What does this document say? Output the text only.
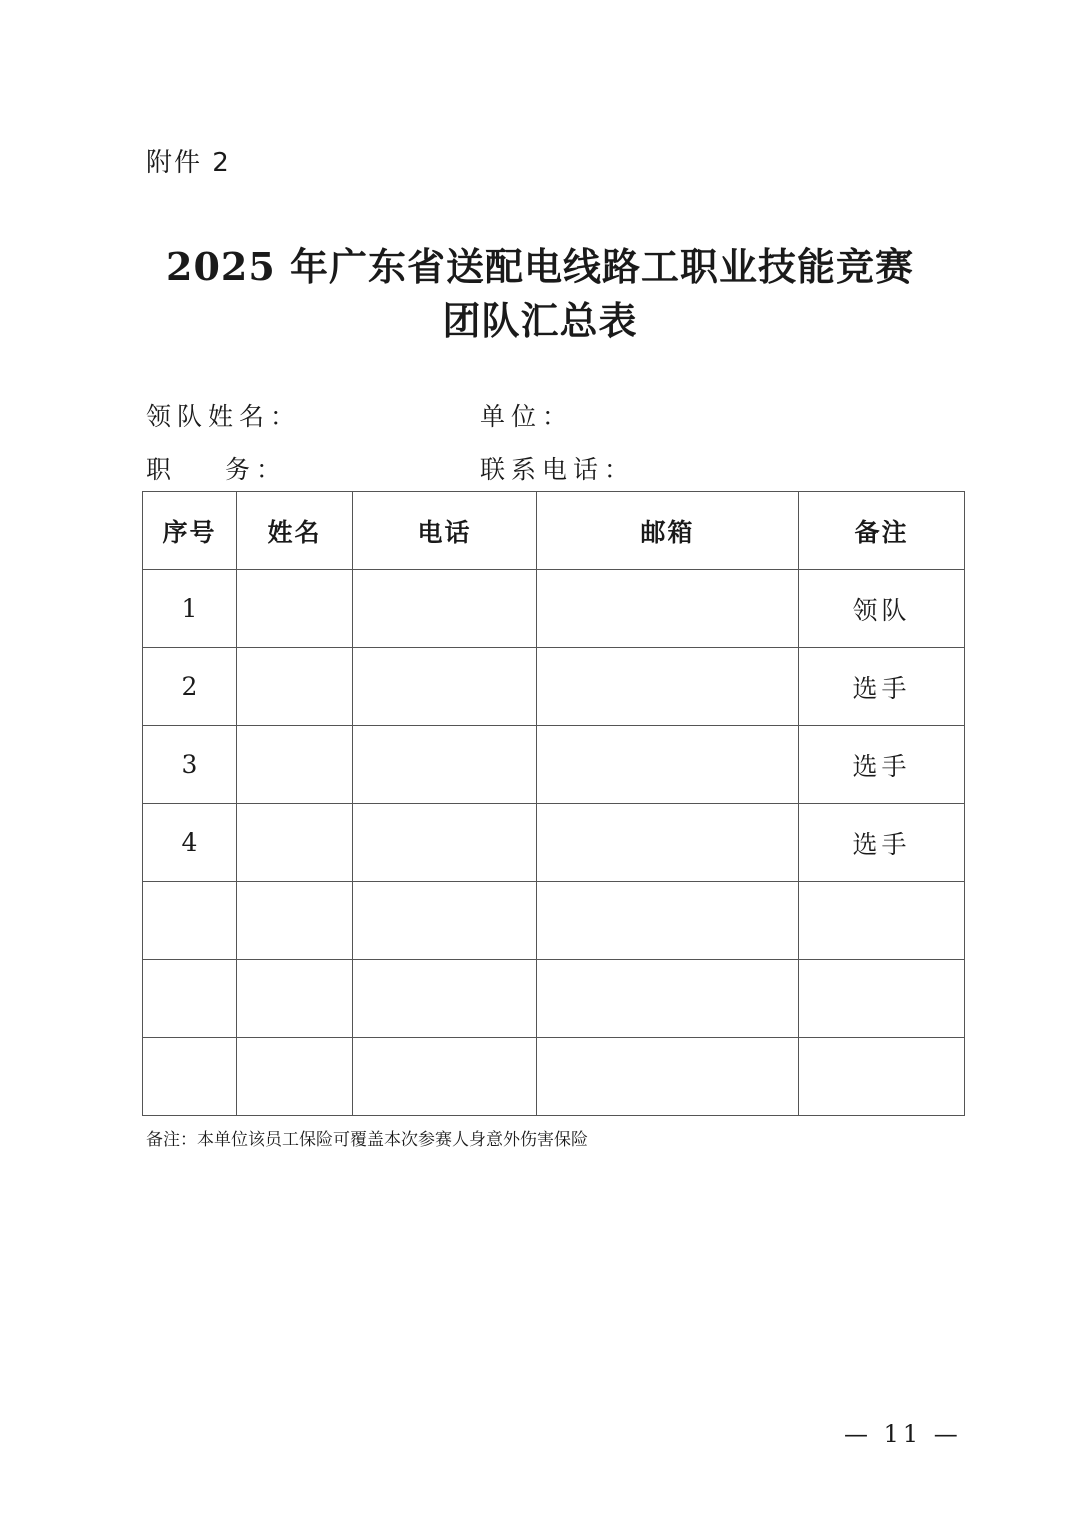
附件 2
2025 年广东省送配电线路工职业技能竞赛
团队汇总表
领队姓名：	单位：
职 务：	联系电话：
序号	姓名	电话	邮箱	备注
1				领队
2				选手
3				选手
4				选手

备注：本单位该员工保险可覆盖本次参赛人身意外伤害保险
— 11 —
